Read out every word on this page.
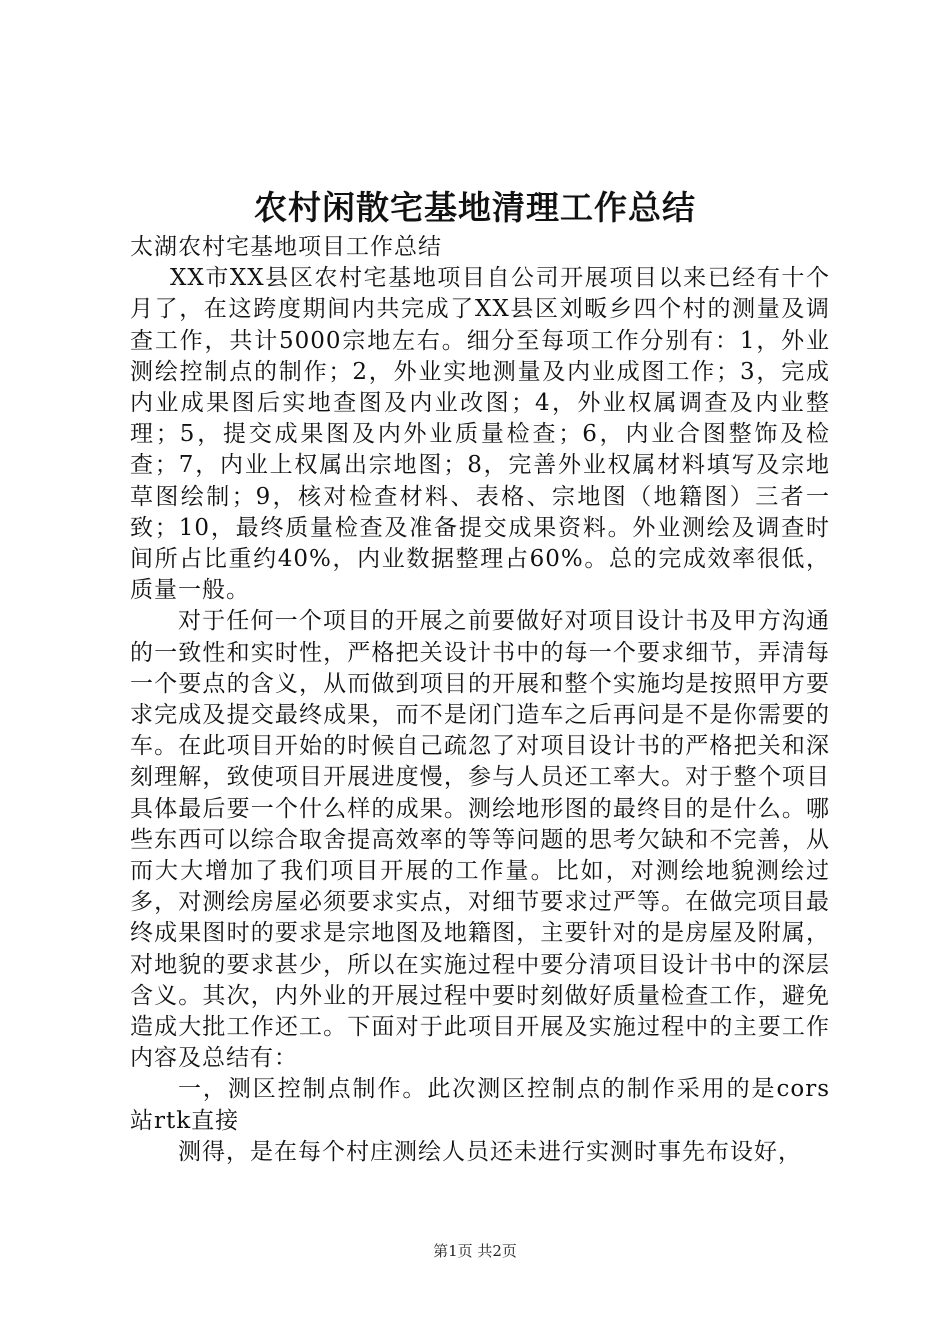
农村闲散宅基地清理工作总结

太湖农村宅基地项目工作总结

XX市XX县区农村宅基地项目自公司开展项目以来已经有十个月了，在这跨度期间内共完成了XX县区刘畈乡四个村的测量及调查工作，共计5000宗地左右。细分至每项工作分别有：1，外业测绘控制点的制作；2，外业实地测量及内业成图工作；3，完成内业成果图后实地查图及内业改图；4，外业权属调查及内业整理；5，提交成果图及内外业质量检查；6，内业合图整饰及检查；7，内业上权属出宗地图；8，完善外业权属材料填写及宗地草图绘制；9，核对检查材料、表格、宗地图（地籍图）三者一致；10，最终质量检查及准备提交成果资料。外业测绘及调查时间所占比重约40%，内业数据整理占60%。总的完成效率很低，质量一般。

对于任何一个项目的开展之前要做好对项目设计书及甲方沟通的一致性和实时性，严格把关设计书中的每一个要求细节，弄清每一个要点的含义，从而做到项目的开展和整个实施均是按照甲方要求完成及提交最终成果，而不是闭门造车之后再问是不是你需要的车。在此项目开始的时候自己疏忽了对项目设计书的严格把关和深刻理解，致使项目开展进度慢，参与人员还工率大。对于整个项目具体最后要一个什么样的成果。测绘地形图的最终目的是什么。哪些东西可以综合取舍提高效率的等等问题的思考欠缺和不完善，从而大大增加了我们项目开展的工作量。比如，对测绘地貌测绘过多，对测绘房屋必须要求实点，对细节要求过严等。在做完项目最终成果图时的要求是宗地图及地籍图，主要针对的是房屋及附属，对地貌的要求甚少，所以在实施过程中要分清项目设计书中的深层含义。其次，内外业的开展过程中要时刻做好质量检查工作，避免造成大批工作还工。下面对于此项目开展及实施过程中的主要工作内容及总结有：

一，测区控制点制作。此次测区控制点的制作采用的是cors站rtk直接

测得，是在每个村庄测绘人员还未进行实测时事先布设好，

第1页 共2页
